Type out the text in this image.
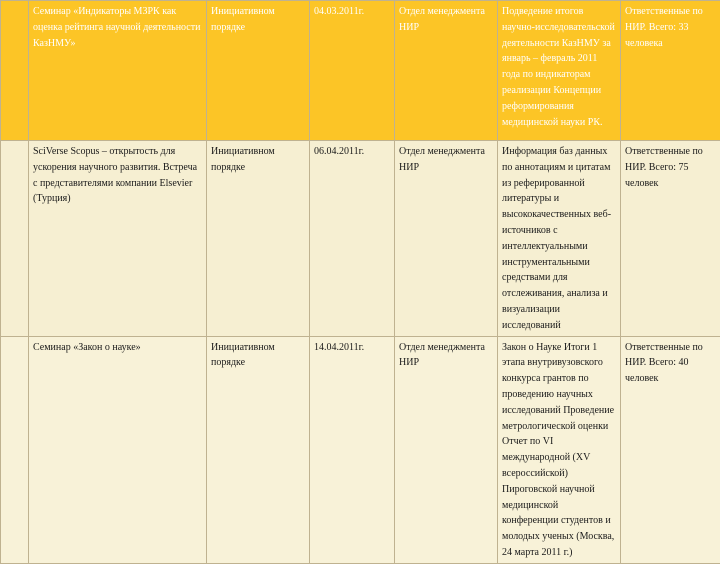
	Семинар «Индикаторы МЗРК как оценка рейтинга научной деятельности КазНМУ»	Инициативном порядке	04.03.2011г.	Отдел менеджмента НИР	Подведение итогов научно-исследовательской деятельности КазНМУ за январь – февраль 2011 года по индикаторам реализации Концепции реформирования медицинской науки РК.	Ответственные по НИР. Всего: 33 человека

	SciVerse Scopus – открытость для ускорения научного развития. Встреча с представителями компании Elsevier (Турция)	Инициативном порядке	06.04.2011г.	Отдел менеджмента НИР	Информация баз данных по аннотациям и цитатам из реферированной литературы и высококачественных веб-источников с интеллектуальными инструментальными средствами для отслеживания, анализа и визуализации исследований	Ответственные по НИР. Всего: 75 человек

	Семинар «Закон о науке»	Инициативном порядке	14.04.2011г.	Отдел менеджмента НИР	Закон о Науке Итоги 1 этапа внутривузовского конкурса грантов по проведению научных исследований Проведение метрологической оценки Отчет по VI международной (XV всероссийской) Пироговской научной медицинской конференции студентов и молодых ученых (Москва, 24 марта 2011 г.)	Ответственные по НИР. Всего: 40 человек
